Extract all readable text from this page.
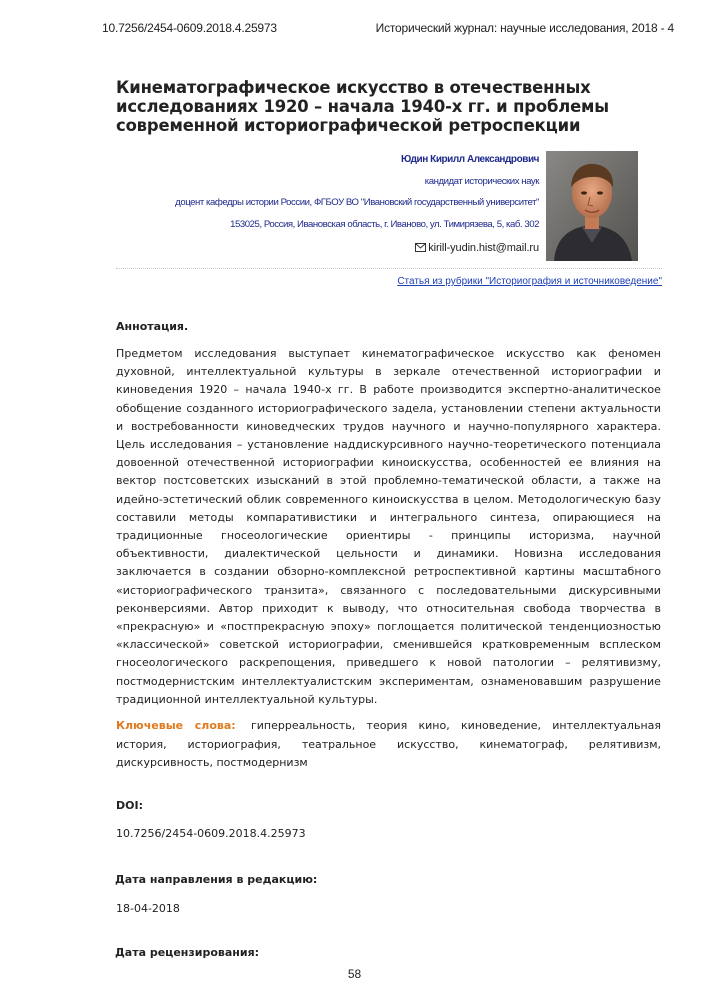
10.7256/2454-0609.2018.4.25973	Исторический журнал: научные исследования, 2018 - 4
Кинематографическое искусство в отечественных исследованиях 1920 – начала 1940-х гг. и проблемы современной историографической ретроспекции
Юдин Кирилл Александрович
кандидат исторических наук
доцент кафедры истории России, ФГБОУ ВО "Ивановский государственный университет"
153025, Россия, Ивановская область, г. Иваново, ул. Тимирязева, 5, каб. 302
kirill-yudin.hist@mail.ru
Статья из рубрики "Историография и источниковедение"
Аннотация.
Предметом исследования выступает кинематографическое искусство как феномен духовной, интеллектуальной культуры в зеркале отечественной историографии и киноведения 1920 – начала 1940-х гг. В работе производится экспертно-аналитическое обобщение созданного историографического задела, установлении степени актуальности и востребованности киноведческих трудов научного и научно-популярного характера. Цель исследования – установление наддискурсивного научно-теоретического потенциала довоенной отечественной историографии киноискусства, особенностей ее влияния на вектор постсоветских изысканий в этой проблемно-тематической области, а также на идейно-эстетический облик современного киноискусства в целом. Методологическую базу составили методы компаративистики и интегрального синтеза, опирающиеся на традиционные гносеологические ориентиры - принципы историзма, научной объективности, диалектической цельности и динамики. Новизна исследования заключается в создании обзорно-комплексной ретроспективной картины масштабного «историографического транзита», связанного с последовательными дискурсивными реконверсиями. Автор приходит к выводу, что относительная свобода творчества в «прекрасную» и «постпрекрасную эпоху» поглощается политической тенденциозностью «классической» советской историографии, сменившейся кратковременным всплеском гносеологического раскрепощения, приведшего к новой патологии – релятивизму, постмодернистским интеллектуалистским экспериментам, ознаменовавшим разрушение традиционной интеллектуальной культуры.
Ключевые слова: гиперреальность, теория кино, киноведение, интеллектуальная история, историография, театральное искусство, кинематограф, релятивизм, дискурсивность, постмодернизм
DOI:
10.7256/2454-0609.2018.4.25973
Дата направления в редакцию:
18-04-2018
Дата рецензирования:
58
